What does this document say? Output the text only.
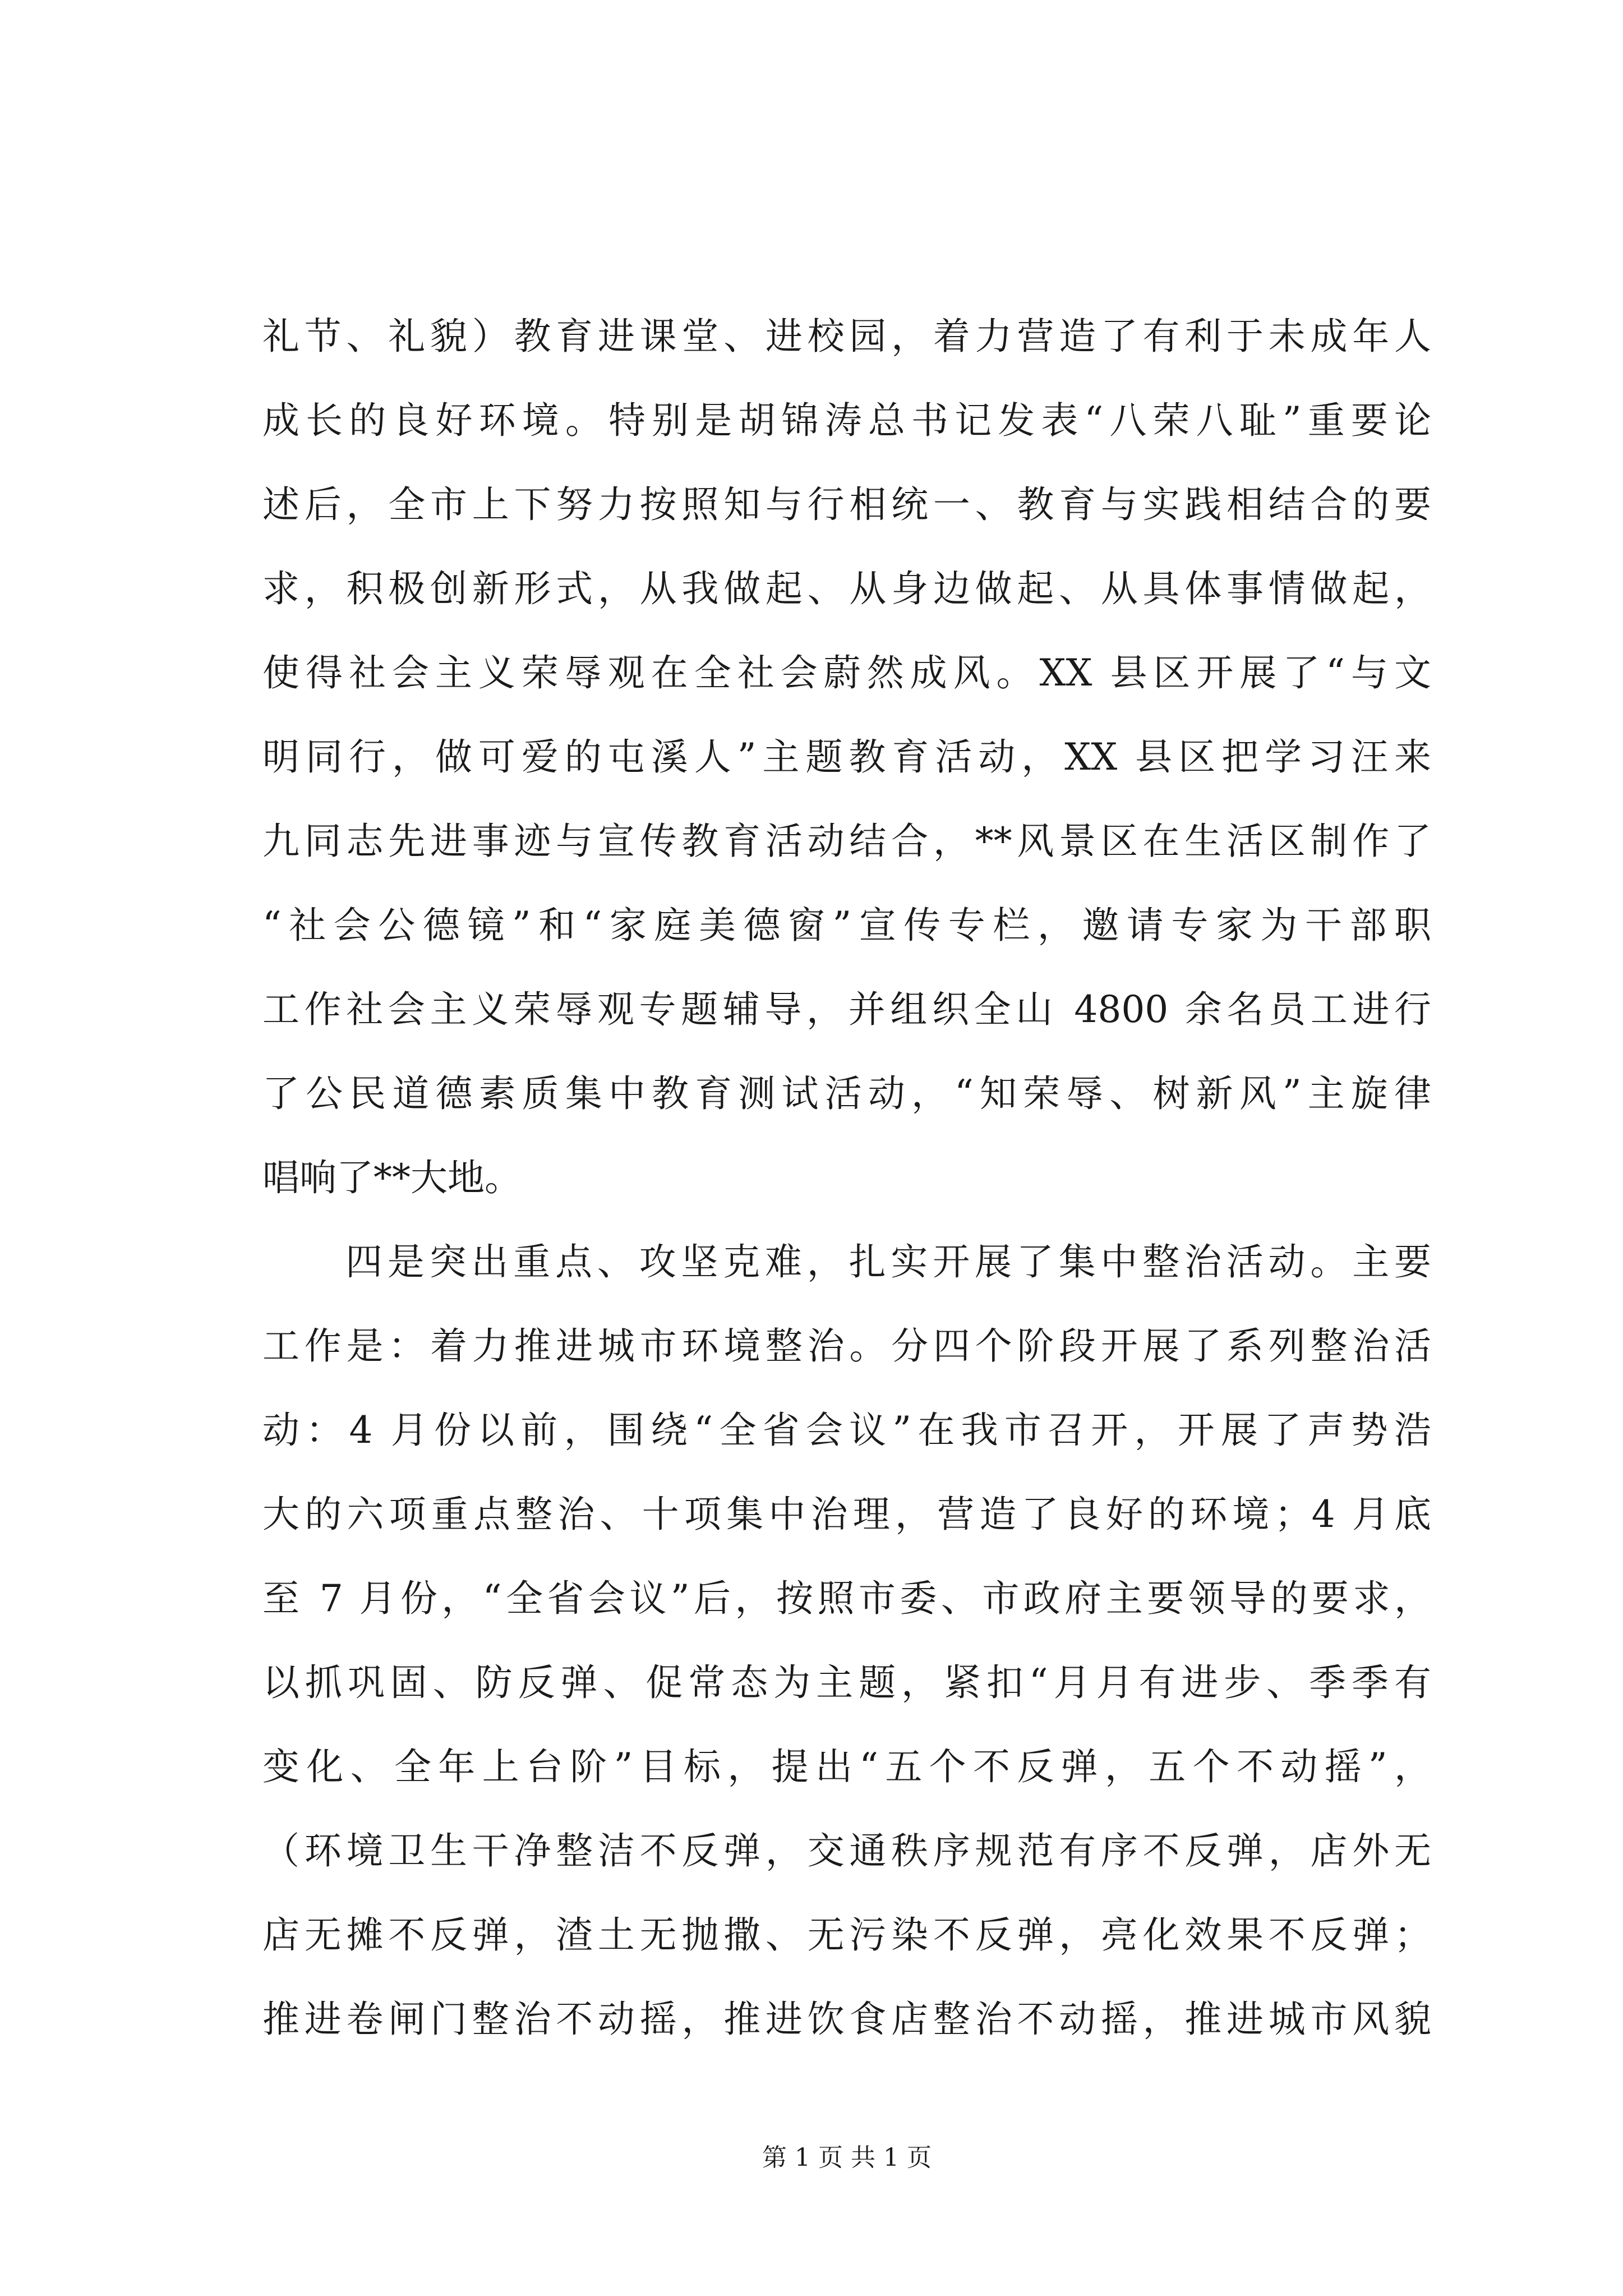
礼节、礼貌）教育进课堂、进校园，着力营造了有利于未成年人
成长的良好环境。特别是胡锦涛总书记发表“八荣八耻”重要论
述后，全市上下努力按照知与行相统一、教育与实践相结合的要
求，积极创新形式，从我做起、从身边做起、从具体事情做起，
使得社会主义荣辱观在全社会蔚然成风。XX 县区开展了“与文
明同行，做可爱的屯溪人”主题教育活动，XX 县区把学习汪来
九同志先进事迹与宣传教育活动结合，**风景区在生活区制作了
“社会公德镜”和“家庭美德窗”宣传专栏，邀请专家为干部职
工作社会主义荣辱观专题辅导，并组织全山 4800 余名员工进行
了公民道德素质集中教育测试活动，“知荣辱、树新风”主旋律
唱响了**大地。
四是突出重点、攻坚克难，扎实开展了集中整治活动。主要
工作是：着力推进城市环境整治。分四个阶段开展了系列整治活
动：4 月份以前，围绕“全省会议”在我市召开，开展了声势浩
大的六项重点整治、十项集中治理，营造了良好的环境；4 月底
至 7 月份，“全省会议”后，按照市委、市政府主要领导的要求，
以抓巩固、防反弹、促常态为主题，紧扣“月月有进步、季季有
变化、全年上台阶”目标，提出“五个不反弹，五个不动摇”，
（环境卫生干净整洁不反弹，交通秩序规范有序不反弹，店外无
店无摊不反弹，渣土无抛撒、无污染不反弹，亮化效果不反弹；
推进卷闸门整治不动摇，推进饮食店整治不动摇，推进城市风貌
第 1 页 共 1 页
